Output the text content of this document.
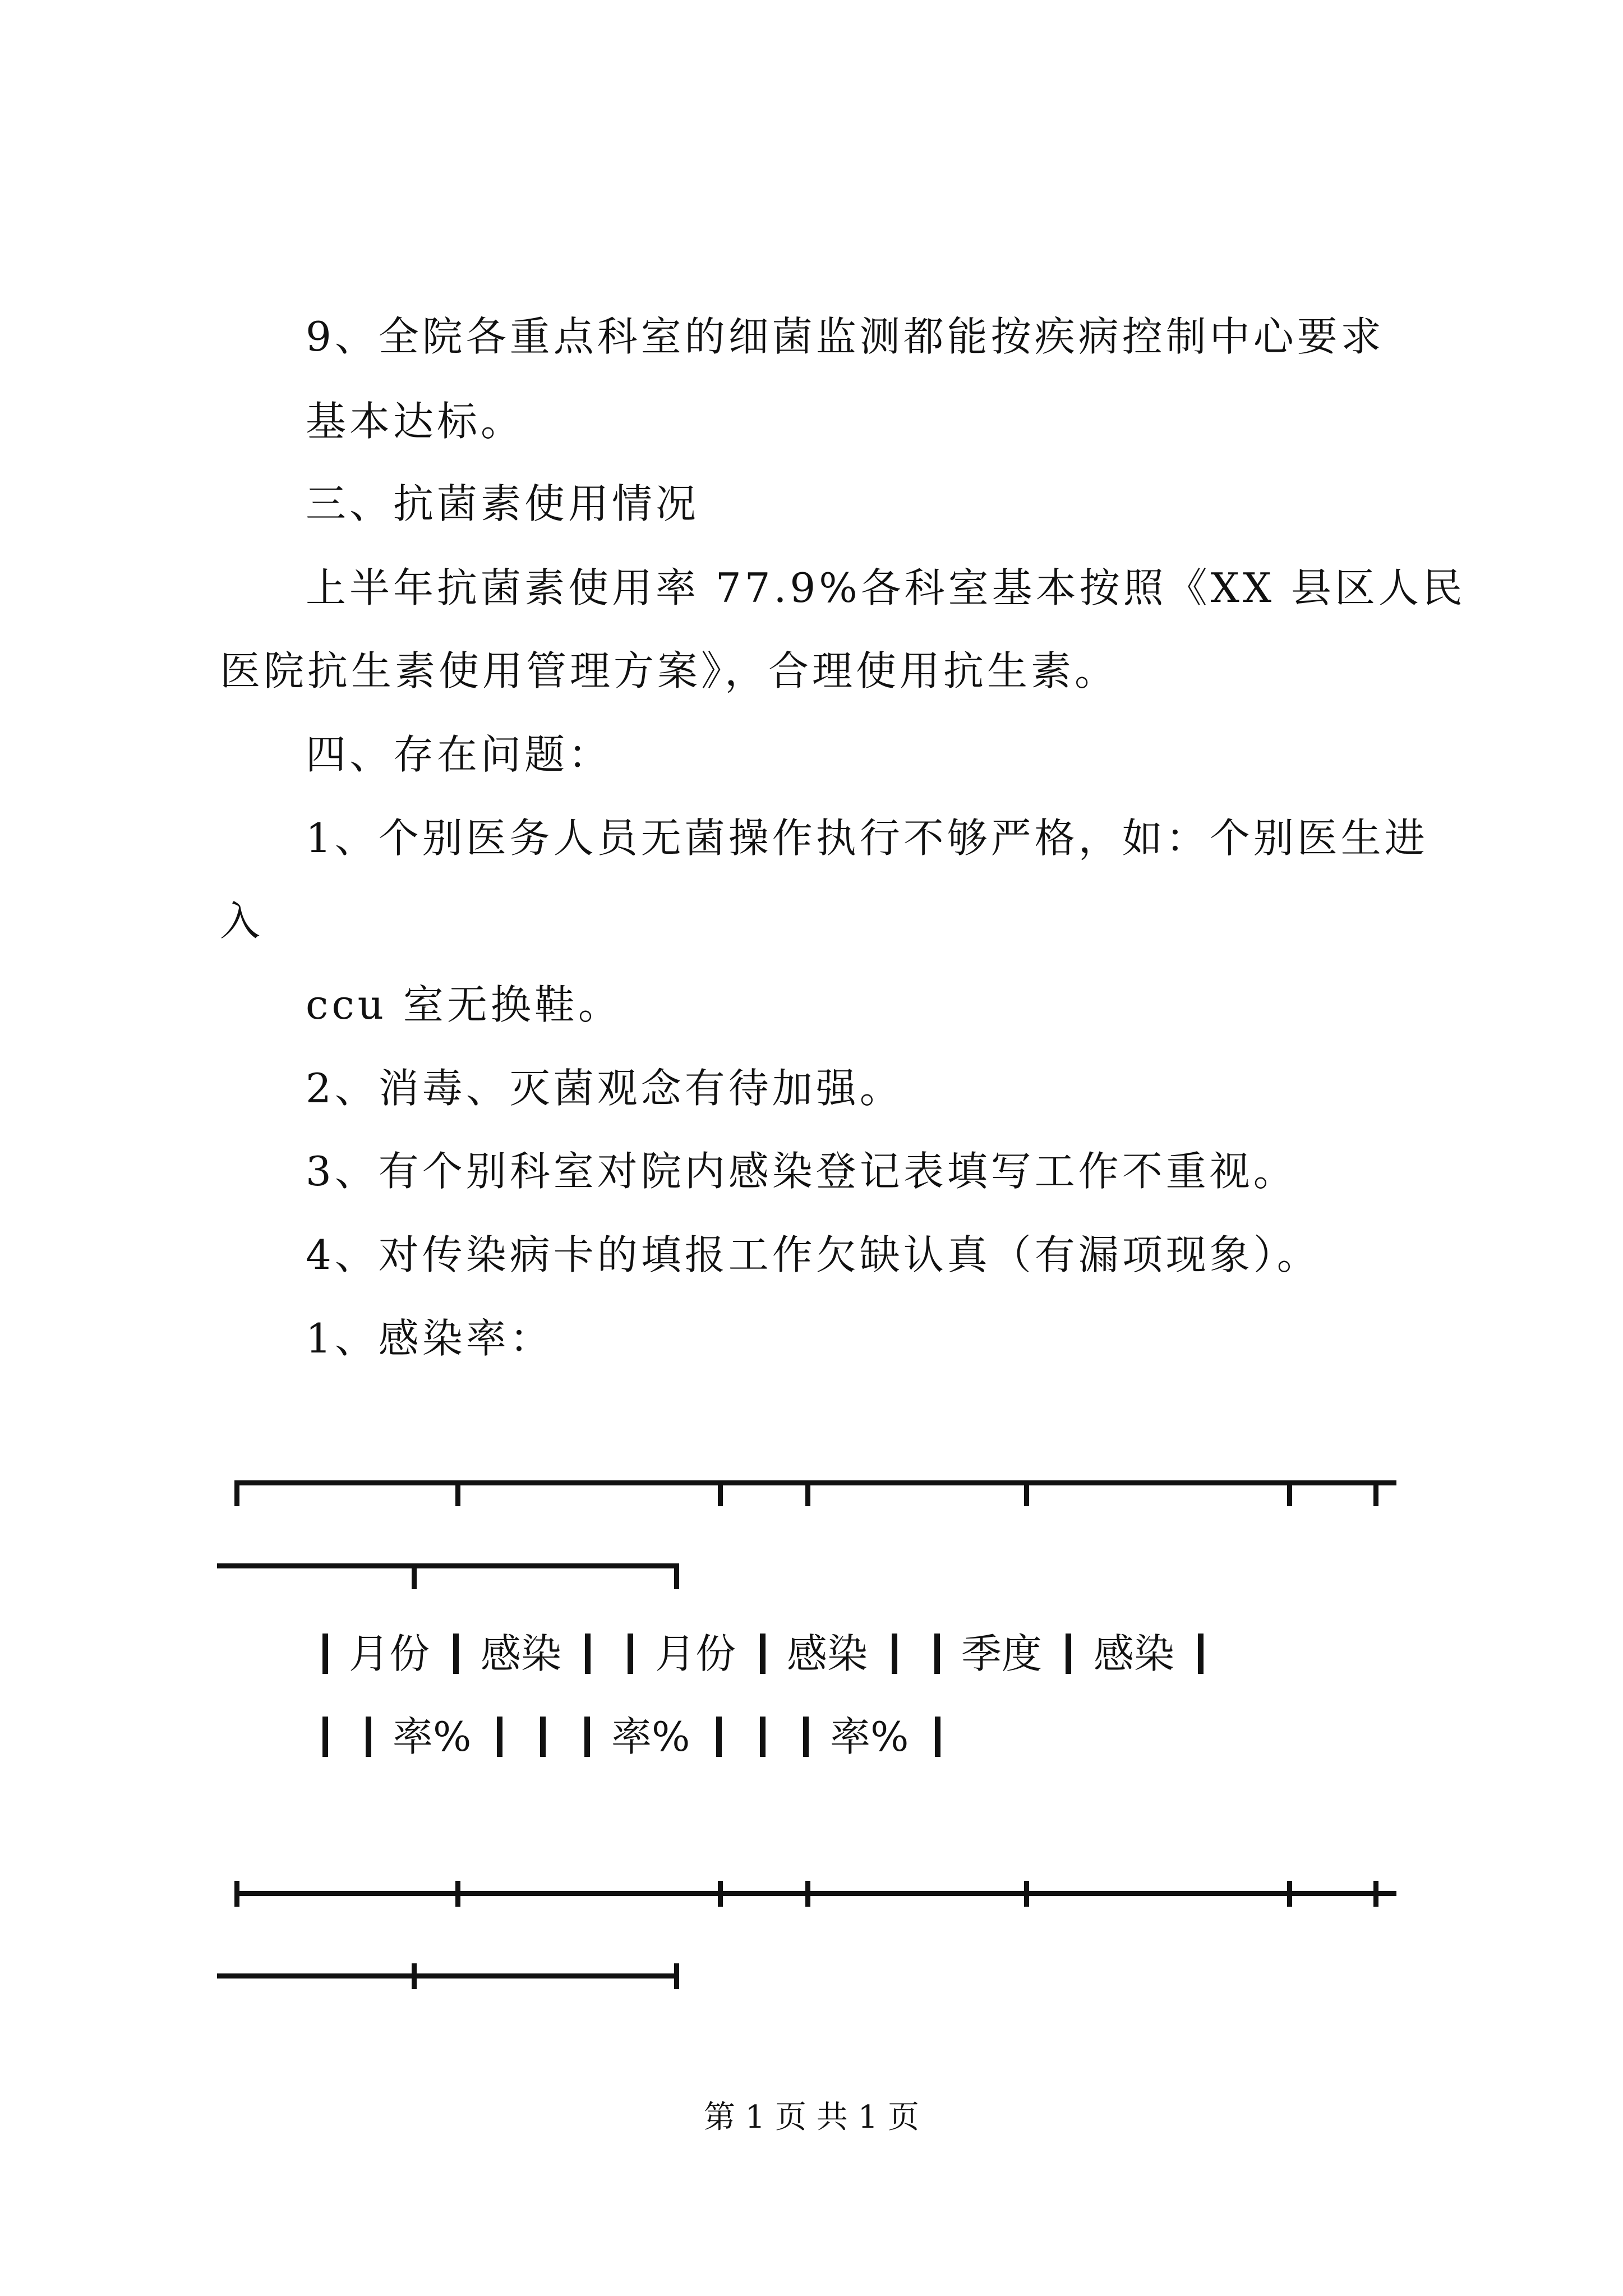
9、全院各重点科室的细菌监测都能按疾病控制中心要求
基本达标。
三、抗菌素使用情况
上半年抗菌素使用率 77.9%各科室基本按照《XX 县区人民
医院抗生素使用管理方案》，合理使用抗生素。
四、存在问题：
1、个别医务人员无菌操作执行不够严格，如：个别医生进
入
ccu 室无换鞋。
2、消毒、灭菌观念有待加强。
3、有个别科室对院内感染登记表填写工作不重视。
4、对传染病卡的填报工作欠缺认真（有漏项现象）。
1、感染率：
月份 感染 月份 感染 季度 感染
率%	率%	率%
第 1 页 共 1 页
